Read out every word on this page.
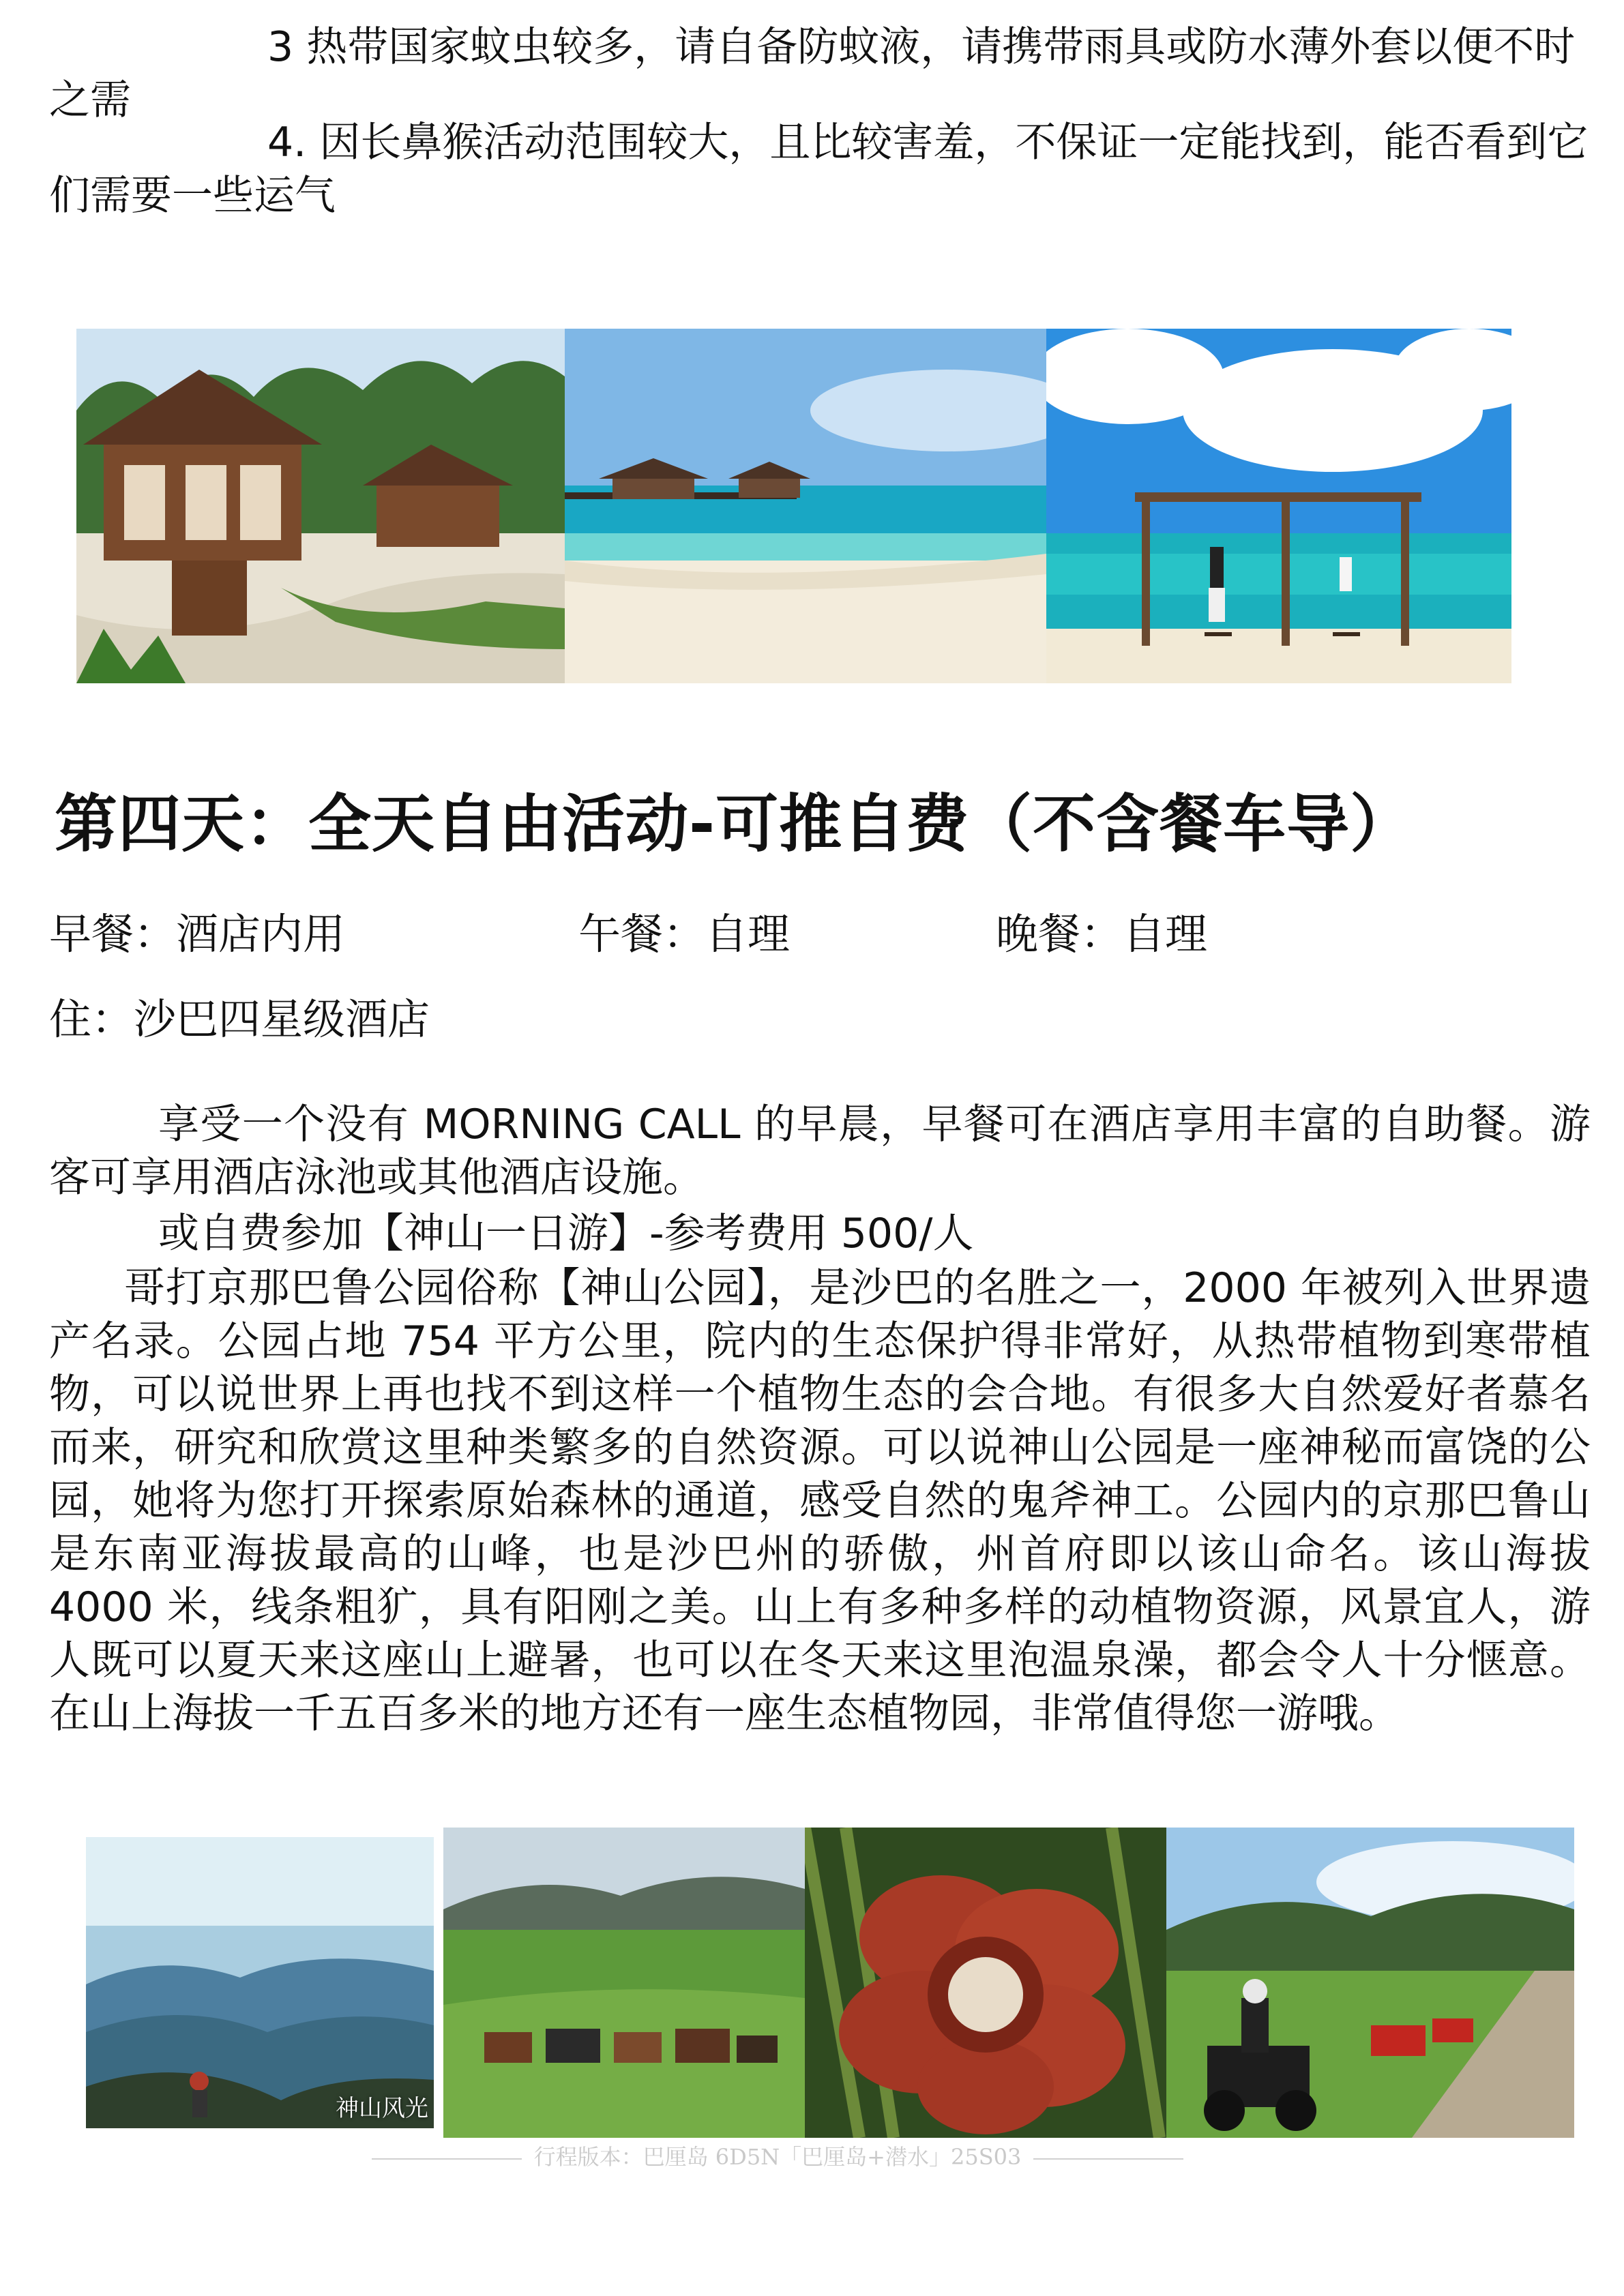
3 热带国家蚊虫较多，请自备防蚊液，请携带雨具或防水薄外套以便不时之需
4. 因长鼻猴活动范围较大，且比较害羞，不保证一定能找到，能否看到它们需要一些运气
第四天：全天自由活动-可推自费（不含餐车导）
早餐：酒店内用	午餐：自理	晚餐：自理
住：沙巴四星级酒店
享受一个没有 MORNING CALL 的早晨，早餐可在酒店享用丰富的自助餐。游客可享用酒店泳池或其他酒店设施。
或自费参加【神山一日游】-参考费用 500/人
哥打京那巴鲁公园俗称【神山公园】，是沙巴的名胜之一，2000 年被列入世界遗产名录。公园占地 754 平方公里，院内的生态保护得非常好，从热带植物到寒带植物，可以说世界上再也找不到这样一个植物生态的会合地。有很多大自然爱好者慕名而来，研究和欣赏这里种类繁多的自然资源。可以说神山公园是一座神秘而富饶的公园，她将为您打开探索原始森林的通道，感受自然的鬼斧神工。公园内的京那巴鲁山是东南亚海拔最高的山峰，也是沙巴州的骄傲，州首府即以该山命名。该山海拔 4000 米，线条粗犷，具有阳刚之美。山上有多种多样的动植物资源，风景宜人，游人既可以夏天来这座山上避暑，也可以在冬天来这里泡温泉澡，都会令人十分惬意。在山上海拔一千五百多米的地方还有一座生态植物园，非常值得您一游哦。
神山风光
行程版本：巴厘岛 6D5N「巴厘岛+潜水」25S03
